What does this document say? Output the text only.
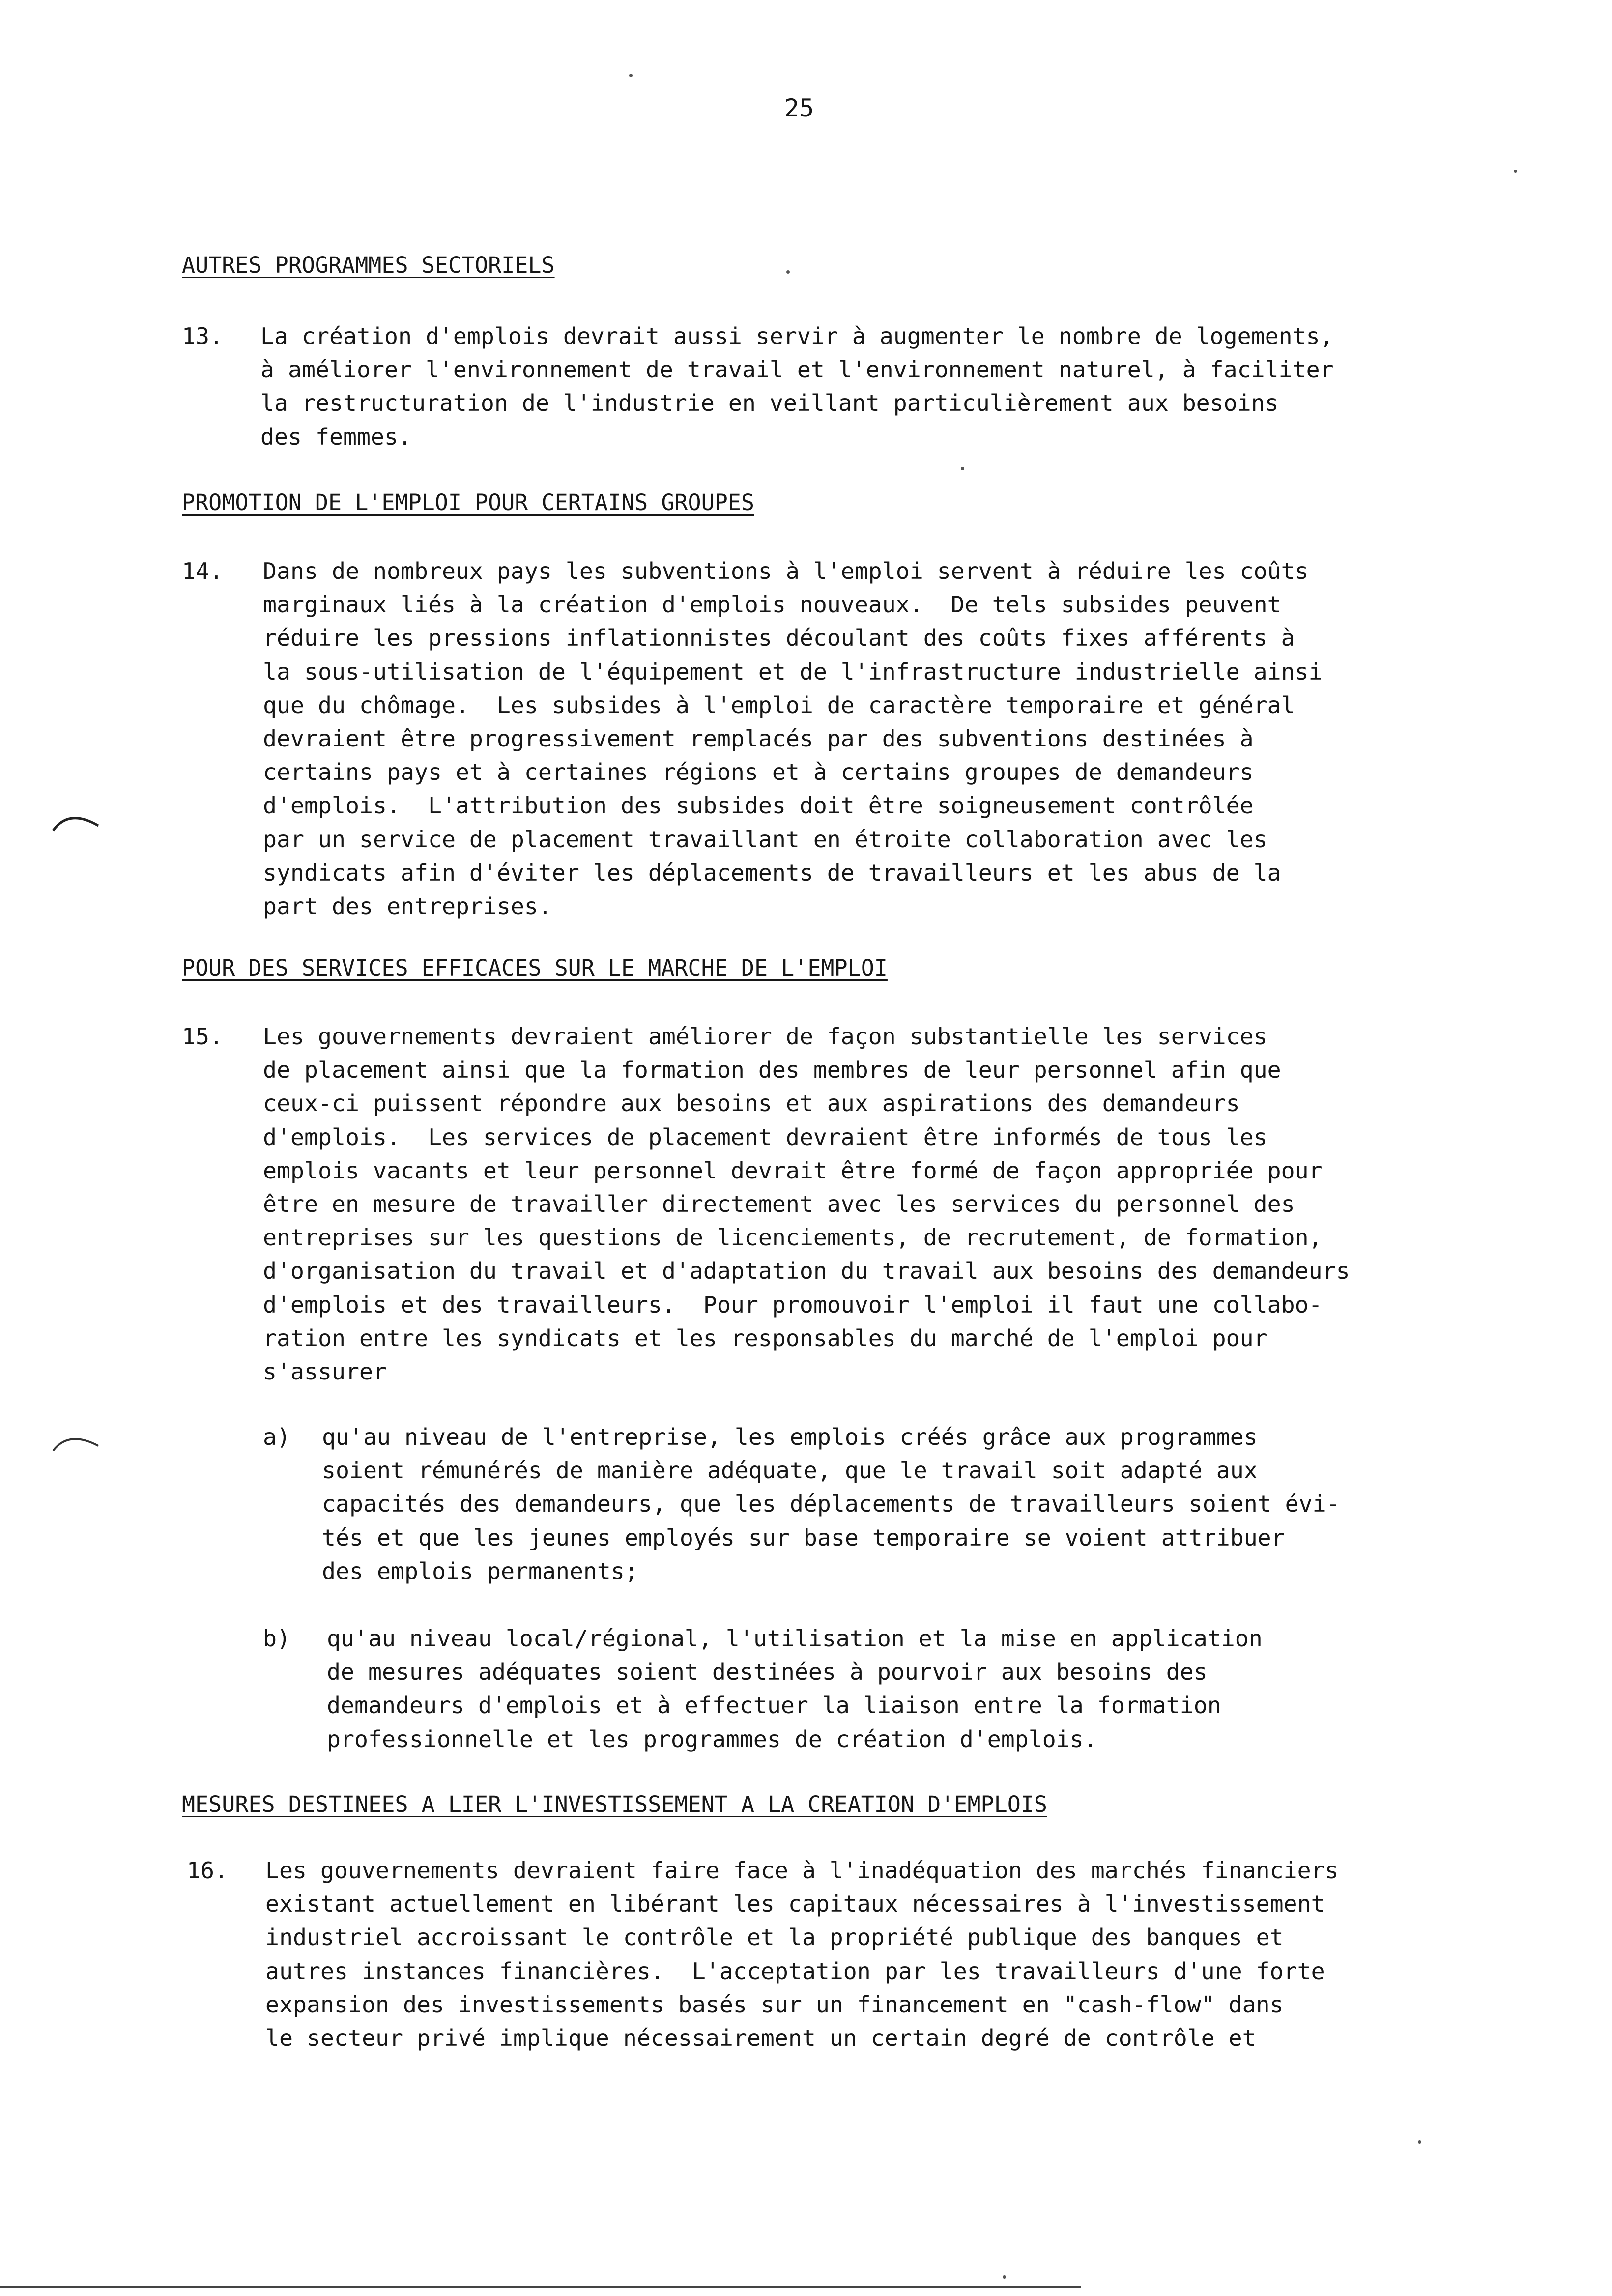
25
AUTRES PROGRAMMES SECTORIELS
13. La création d'emplois devrait aussi servir à augmenter le nombre de logements,
à améliorer l'environnement de travail et l'environnement naturel, à faciliter
la restructuration de l'industrie en veillant particulièrement aux besoins
des femmes.
PROMOTION DE L'EMPLOI POUR CERTAINS GROUPES
14. Dans de nombreux pays les subventions à l'emploi servent à réduire les coûts
marginaux liés à la création d'emplois nouveaux.  De tels subsides peuvent
réduire les pressions inflationnistes découlant des coûts fixes afférents à
la sous-utilisation de l'équipement et de l'infrastructure industrielle ainsi
que du chômage.  Les subsides à l'emploi de caractère temporaire et général
devraient être progressivement remplacés par des subventions destinées à
certains pays et à certaines régions et à certains groupes de demandeurs
d'emplois.  L'attribution des subsides doit être soigneusement contrôlée
par un service de placement travaillant en étroite collaboration avec les
syndicats afin d'éviter les déplacements de travailleurs et les abus de la
part des entreprises.
POUR DES SERVICES EFFICACES SUR LE MARCHE DE L'EMPLOI
15. Les gouvernements devraient améliorer de façon substantielle les services
de placement ainsi que la formation des membres de leur personnel afin que
ceux-ci puissent répondre aux besoins et aux aspirations des demandeurs
d'emplois.  Les services de placement devraient être informés de tous les
emplois vacants et leur personnel devrait être formé de façon appropriée pour
être en mesure de travailler directement avec les services du personnel des
entreprises sur les questions de licenciements, de recrutement, de formation,
d'organisation du travail et d'adaptation du travail aux besoins des demandeurs
d'emplois et des travailleurs.  Pour promouvoir l'emploi il faut une collabo-
ration entre les syndicats et les responsables du marché de l'emploi pour
s'assurer
a) qu'au niveau de l'entreprise, les emplois créés grâce aux programmes
soient rémunérés de manière adéquate, que le travail soit adapté aux
capacités des demandeurs, que les déplacements de travailleurs soient évi-
tés et que les jeunes employés sur base temporaire se voient attribuer
des emplois permanents;
b) qu'au niveau local/régional, l'utilisation et la mise en application
de mesures adéquates soient destinées à pourvoir aux besoins des
demandeurs d'emplois et à effectuer la liaison entre la formation
professionnelle et les programmes de création d'emplois.
MESURES DESTINEES A LIER L'INVESTISSEMENT A LA CREATION D'EMPLOIS
16. Les gouvernements devraient faire face à l'inadéquation des marchés financiers
existant actuellement en libérant les capitaux nécessaires à l'investissement
industriel accroissant le contrôle et la propriété publique des banques et
autres instances financières.  L'acceptation par les travailleurs d'une forte
expansion des investissements basés sur un financement en "cash-flow" dans
le secteur privé implique nécessairement un certain degré de contrôle et
